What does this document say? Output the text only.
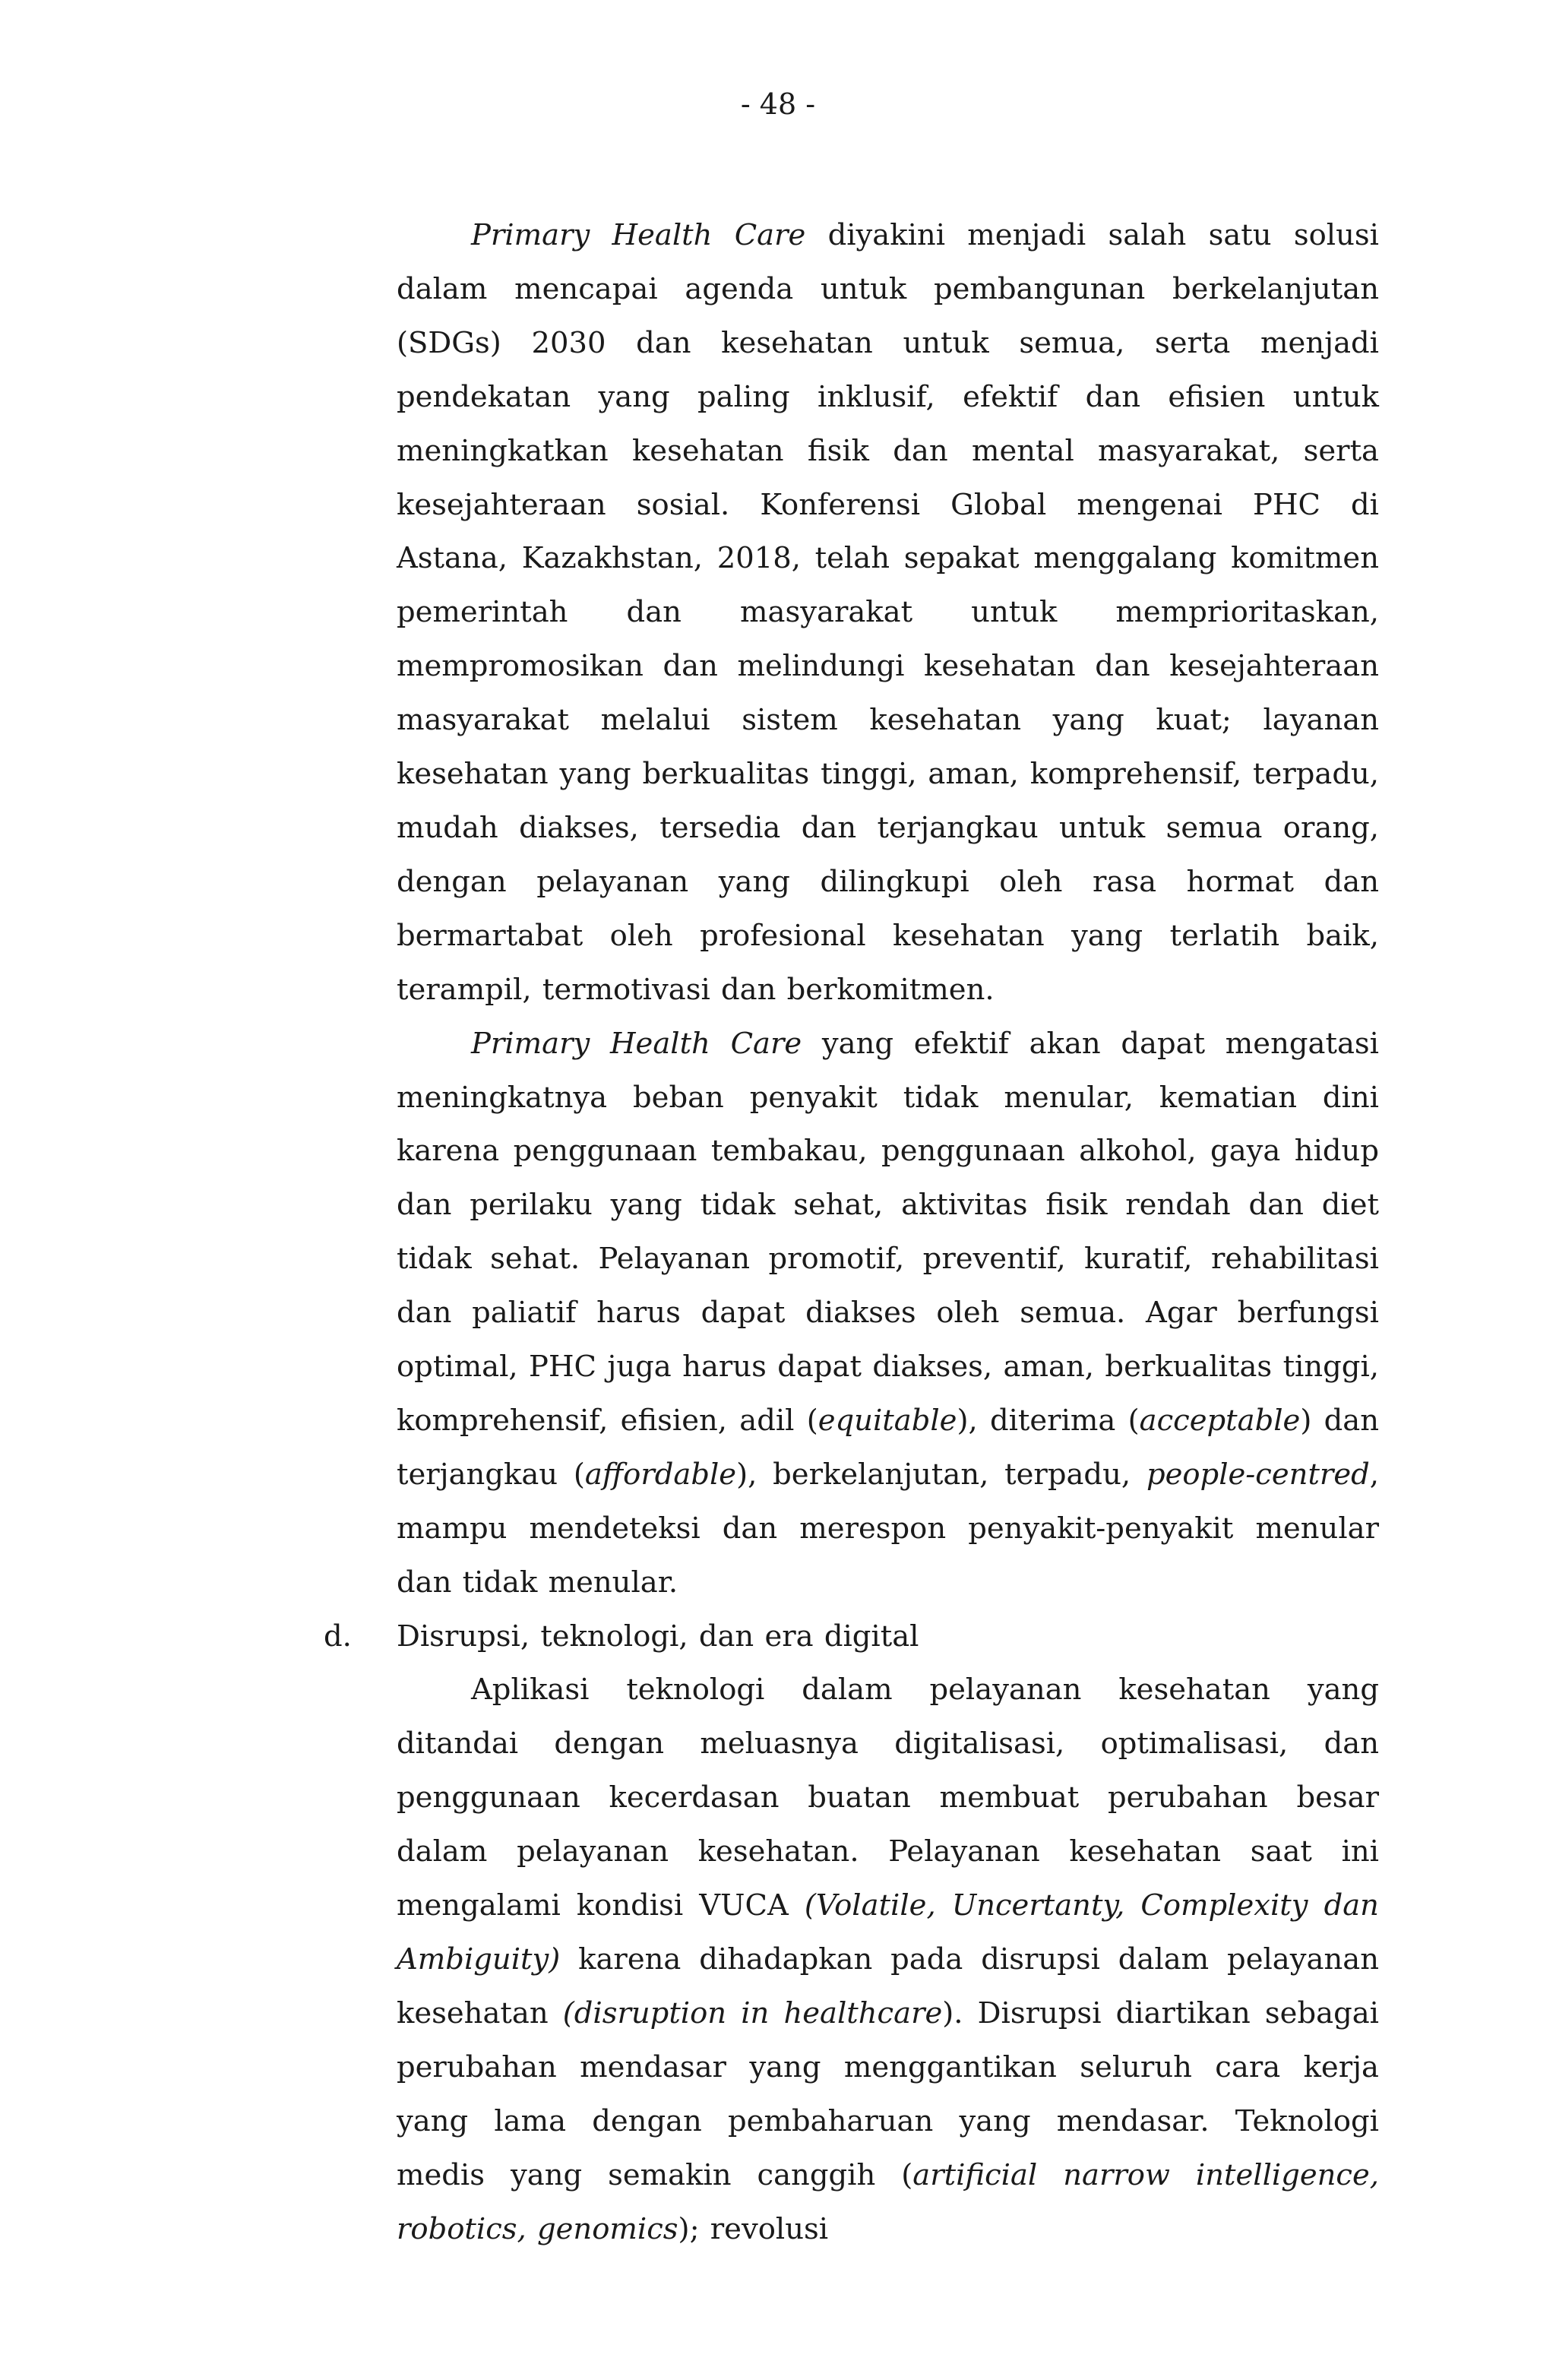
- 48 -

Primary Health Care diyakini menjadi salah satu solusi dalam mencapai agenda untuk pembangunan berkelanjutan (SDGs) 2030 dan kesehatan untuk semua, serta menjadi pendekatan yang paling inklusif, efektif dan efisien untuk meningkatkan kesehatan fisik dan mental masyarakat, serta kesejahteraan sosial. Konferensi Global mengenai PHC di Astana, Kazakhstan, 2018, telah sepakat menggalang komitmen pemerintah dan masyarakat untuk memprioritaskan, mempromosikan dan melindungi kesehatan dan kesejahteraan masyarakat melalui sistem kesehatan yang kuat; layanan kesehatan yang berkualitas tinggi, aman, komprehensif, terpadu, mudah diakses, tersedia dan terjangkau untuk semua orang, dengan pelayanan yang dilingkupi oleh rasa hormat dan bermartabat oleh profesional kesehatan yang terlatih baik, terampil, termotivasi dan berkomitmen.

Primary Health Care yang efektif akan dapat mengatasi meningkatnya beban penyakit tidak menular, kematian dini karena penggunaan tembakau, penggunaan alkohol, gaya hidup dan perilaku yang tidak sehat, aktivitas fisik rendah dan diet tidak sehat. Pelayanan promotif, preventif, kuratif, rehabilitasi dan paliatif harus dapat diakses oleh semua. Agar berfungsi optimal, PHC juga harus dapat diakses, aman, berkualitas tinggi, komprehensif, efisien, adil (equitable), diterima (acceptable) dan terjangkau (affordable), berkelanjutan, terpadu, people-centred, mampu mendeteksi dan merespon penyakit-penyakit menular dan tidak menular.

d. Disrupsi, teknologi, dan era digital

Aplikasi teknologi dalam pelayanan kesehatan yang ditandai dengan meluasnya digitalisasi, optimalisasi, dan penggunaan kecerdasan buatan membuat perubahan besar dalam pelayanan kesehatan. Pelayanan kesehatan saat ini mengalami kondisi VUCA (Volatile, Uncertanty, Complexity dan Ambiguity) karena dihadapkan pada disrupsi dalam pelayanan kesehatan (disruption in healthcare). Disrupsi diartikan sebagai perubahan mendasar yang menggantikan seluruh cara kerja yang lama dengan pembaharuan yang mendasar. Teknologi medis yang semakin canggih (artificial narrow intelligence, robotics, genomics); revolusi
